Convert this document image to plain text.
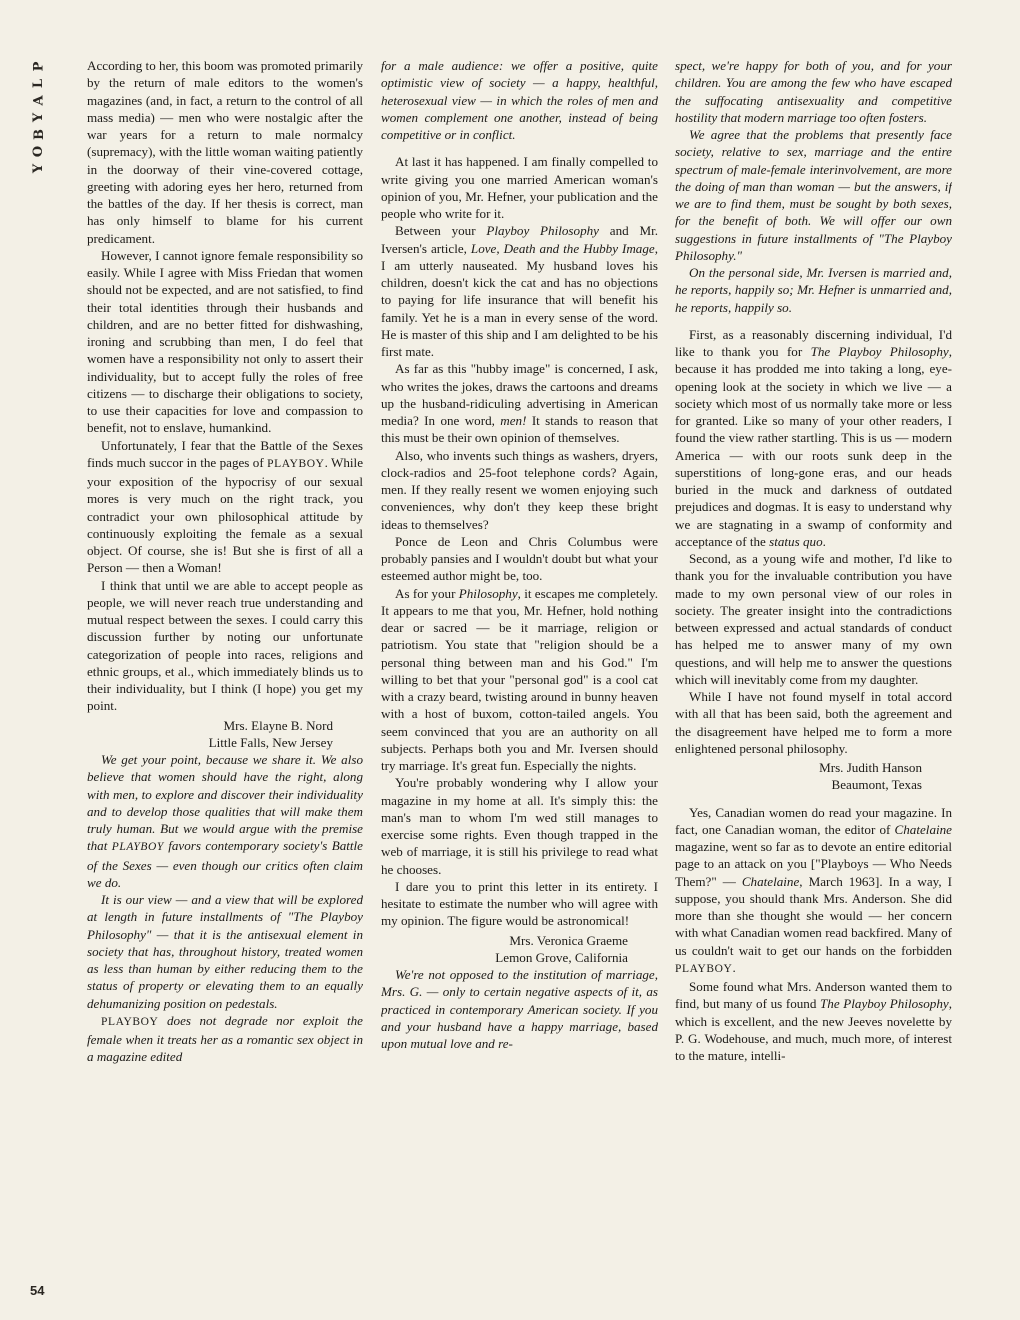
P
L
A
Y
B
O
Y
54

According to her, this boom was promoted primarily by the return of male editors to the women's magazines (and, in fact, a return to the control of all mass media) — men who were nostalgic after the war years for a return to male normalcy (supremacy), with the little woman waiting patiently in the doorway of their vine-covered cottage, greeting with adoring eyes her hero, returned from the battles of the day. If her thesis is correct, man has only himself to blame for his current predicament.

However, I cannot ignore female responsibility so easily. While I agree with Miss Friedan that women should not be expected, and are not satisfied, to find their total identities through their husbands and children, and are no better fitted for dishwashing, ironing and scrubbing than men, I do feel that women have a responsibility not only to assert their individuality, but to accept fully the roles of free citizens — to discharge their obligations to society, to use their capacities for love and compassion to benefit, not to enslave, humankind.

Unfortunately, I fear that the Battle of the Sexes finds much succor in the pages of PLAYBOY. While your exposition of the hypocrisy of our sexual mores is very much on the right track, you contradict your own philosophical attitude by continuously exploiting the female as a sexual object. Of course, she is! But she is first of all a Person — then a Woman!

I think that until we are able to accept people as people, we will never reach true understanding and mutual respect between the sexes. I could carry this discussion further by noting our unfortunate categorization of people into races, religions and ethnic groups, et al., which immediately blinds us to their individuality, but I think (I hope) you get my point.

Mrs. Elayne B. Nord
Little Falls, New Jersey

We get your point, because we share it. We also believe that women should have the right, along with men, to explore and discover their individuality and to develop those qualities that will make them truly human. But we would argue with the premise that PLAYBOY favors contemporary society's Battle of the Sexes — even though our critics often claim we do.

It is our view — and a view that will be explored at length in future installments of "The Playboy Philosophy" — that it is the antisexual element in society that has, throughout history, treated women as less than human by either reducing them to the status of property or elevating them to an equally dehumanizing position on pedestals.

PLAYBOY does not degrade nor exploit the female when it treats her as a romantic sex object in a magazine edited

for a male audience: we offer a positive, quite optimistic view of society — a happy, healthful, heterosexual view — in which the roles of men and women complement one another, instead of being competitive or in conflict.

At last it has happened. I am finally compelled to write giving you one married American woman's opinion of you, Mr. Hefner, your publication and the people who write for it.

Between your Playboy Philosophy and Mr. Iversen's article, Love, Death and the Hubby Image, I am utterly nauseated. My husband loves his children, doesn't kick the cat and has no objections to paying for life insurance that will benefit his family. Yet he is a man in every sense of the word. He is master of this ship and I am delighted to be his first mate.

As far as this "hubby image" is concerned, I ask, who writes the jokes, draws the cartoons and dreams up the husband-ridiculing advertising in American media? In one word, men! It stands to reason that this must be their own opinion of themselves.

Also, who invents such things as washers, dryers, clock-radios and 25-foot telephone cords? Again, men. If they really resent we women enjoying such conveniences, why don't they keep these bright ideas to themselves?

Ponce de Leon and Chris Columbus were probably pansies and I wouldn't doubt but what your esteemed author might be, too.

As for your Philosophy, it escapes me completely. It appears to me that you, Mr. Hefner, hold nothing dear or sacred — be it marriage, religion or patriotism. You state that "religion should be a personal thing between man and his God." I'm willing to bet that your "personal god" is a cool cat with a crazy beard, twisting around in bunny heaven with a host of buxom, cotton-tailed angels. You seem convinced that you are an authority on all subjects. Perhaps both you and Mr. Iversen should try marriage. It's great fun. Especially the nights.

You're probably wondering why I allow your magazine in my home at all. It's simply this: the man's man to whom I'm wed still manages to exercise some rights. Even though trapped in the web of marriage, it is still his privilege to read what he chooses.

I dare you to print this letter in its entirety. I hesitate to estimate the number who will agree with my opinion. The figure would be astronomical!

Mrs. Veronica Graeme
Lemon Grove, California

We're not opposed to the institution of marriage, Mrs. G. — only to certain negative aspects of it, as practiced in contemporary American society. If you and your husband have a happy marriage, based upon mutual love and re-

spect, we're happy for both of you, and for your children. You are among the few who have escaped the suffocating antisexuality and competitive hostility that modern marriage too often fosters.

We agree that the problems that presently face society, relative to sex, marriage and the entire spectrum of male-female interinvolvement, are more the doing of man than woman — but the answers, if we are to find them, must be sought by both sexes, for the benefit of both. We will offer our own suggestions in future installments of "The Playboy Philosophy."

On the personal side, Mr. Iversen is married and, he reports, happily so; Mr. Hefner is unmarried and, he reports, happily so.

First, as a reasonably discerning individual, I'd like to thank you for The Playboy Philosophy, because it has prodded me into taking a long, eye-opening look at the society in which we live — a society which most of us normally take more or less for granted. Like so many of your other readers, I found the view rather startling. This is us — modern America — with our roots sunk deep in the superstitions of long-gone eras, and our heads buried in the muck and darkness of outdated prejudices and dogmas. It is easy to understand why we are stagnating in a swamp of conformity and acceptance of the status quo.

Second, as a young wife and mother, I'd like to thank you for the invaluable contribution you have made to my own personal view of our roles in society. The greater insight into the contradictions between expressed and actual standards of conduct has helped me to answer many of my own questions, and will help me to answer the questions which will inevitably come from my daughter.

While I have not found myself in total accord with all that has been said, both the agreement and the disagreement have helped me to form a more enlightened personal philosophy.

Mrs. Judith Hanson
Beaumont, Texas

Yes, Canadian women do read your magazine. In fact, one Canadian woman, the editor of Chatelaine magazine, went so far as to devote an entire editorial page to an attack on you ["Playboys — Who Needs Them?" — Chatelaine, March 1963]. In a way, I suppose, you should thank Mrs. Anderson. She did more than she thought she would — her concern with what Canadian women read backfired. Many of us couldn't wait to get our hands on the forbidden PLAYBOY.

Some found what Mrs. Anderson wanted them to find, but many of us found The Playboy Philosophy, which is excellent, and the new Jeeves novelette by P. G. Wodehouse, and much, much more, of interest to the mature, intelli-
